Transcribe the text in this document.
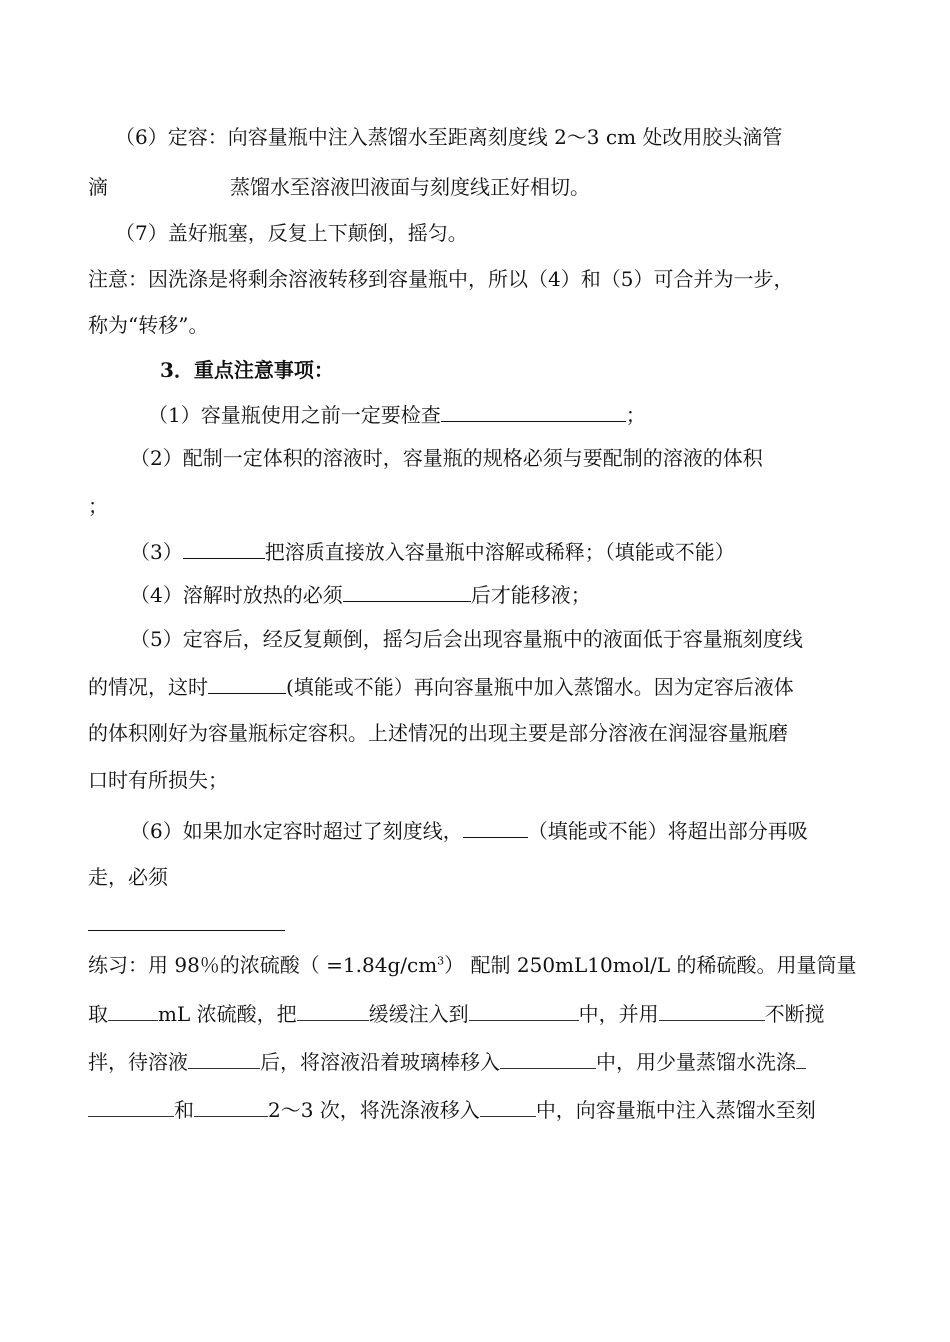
（6）定容：向容量瓶中注入蒸馏水至距离刻度线 2～3 cm 处改用胶头滴管
滴	蒸馏水至溶液凹液面与刻度线正好相切。
（7）盖好瓶塞，反复上下颠倒，摇匀。
注意：因洗涤是将剩余溶液转移到容量瓶中，所以（4）和（5）可合并为一步，
称为“转移”。
3．重点注意事项：
（1）容量瓶使用之前一定要检查	；
（2）配制一定体积的溶液时，容量瓶的规格必须与要配制的溶液的体积
；
（3）	把溶质直接放入容量瓶中溶解或稀释；（填能或不能）
（4）溶解时放热的必须	后才能移液；
（5）定容后，经反复颠倒，摇匀后会出现容量瓶中的液面低于容量瓶刻度线
的情况，这时	(填能或不能）再向容量瓶中加入蒸馏水。因为定容后液体
的体积刚好为容量瓶标定容积。上述情况的出现主要是部分溶液在润湿容量瓶磨
口时有所损失；
（6）如果加水定容时超过了刻度线，	（填能或不能）将超出部分再吸
走，必须
练习：用 98％的浓硫酸（ $=1.84g/cm^3$） 配制 250mL10mol/L 的稀硫酸。用量筒量
取	mL 浓硫酸，把	缓缓注入到	中，并用	不断搅
拌，待溶液	后，将溶液沿着玻璃棒移入	中，用少量蒸馏水洗涤
和	2～3 次，将洗涤液移入	中，向容量瓶中注入蒸馏水至刻
